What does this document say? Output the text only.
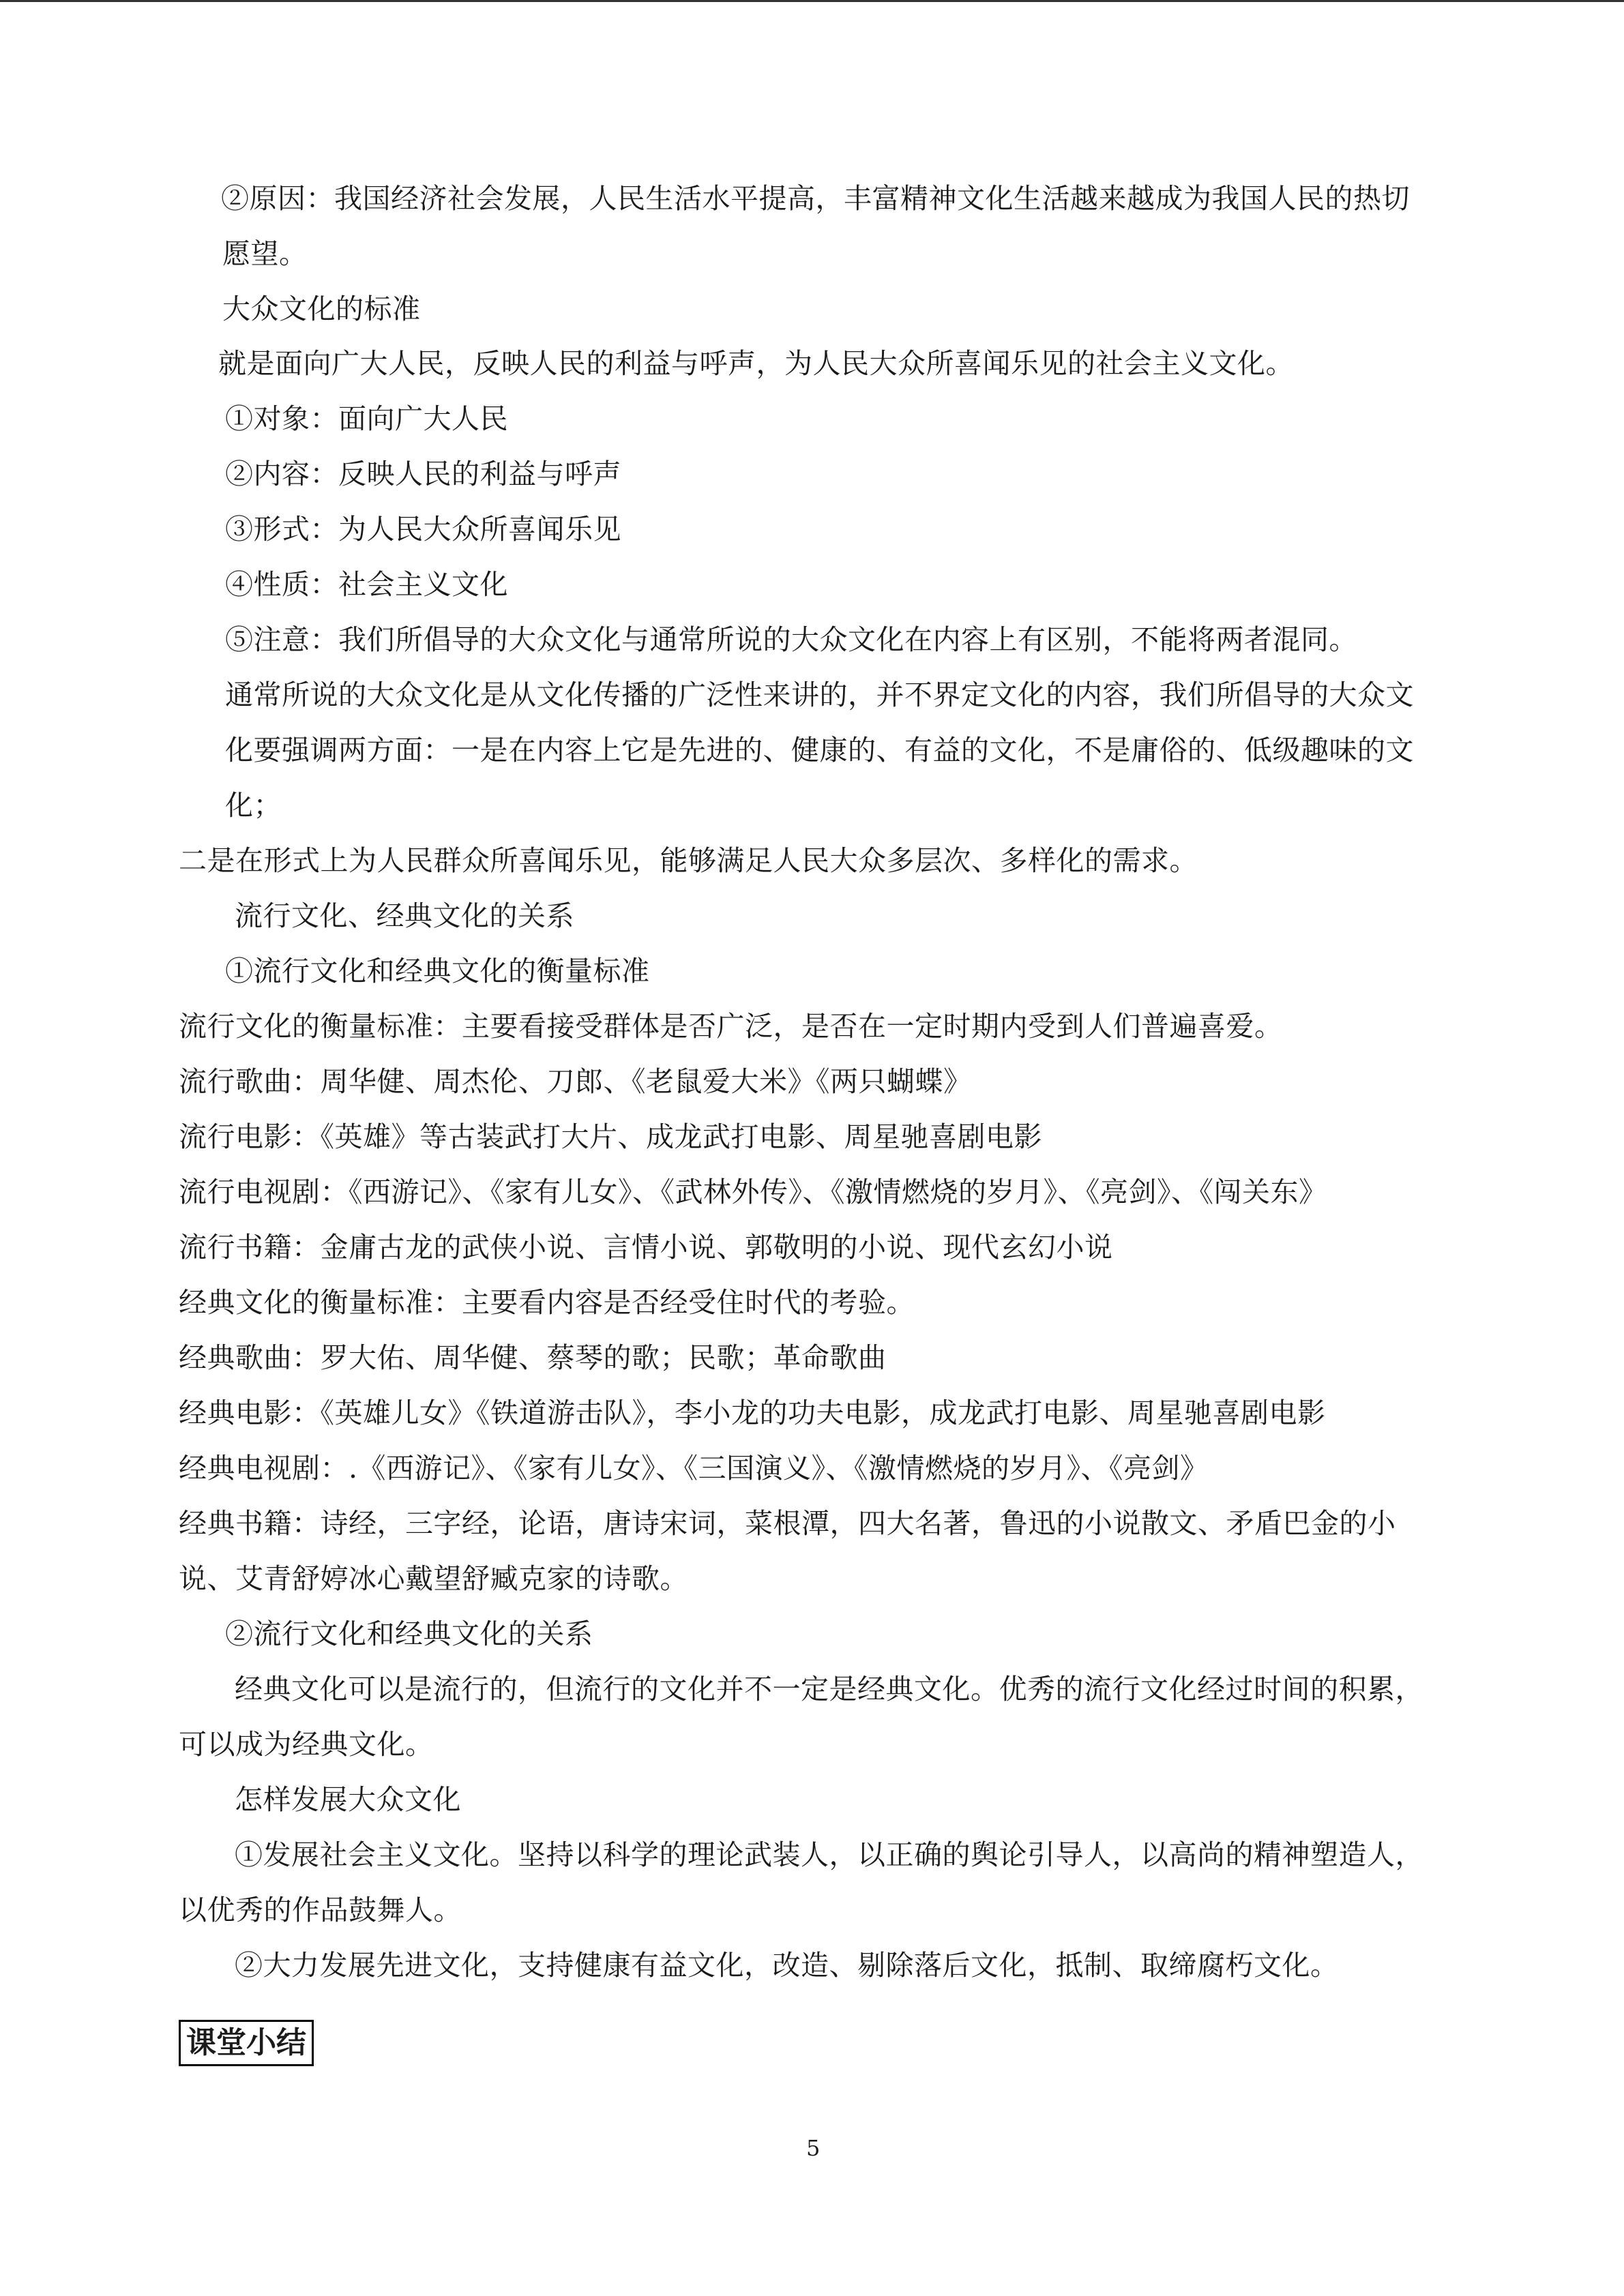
②原因：我国经济社会发展，人民生活水平提高，丰富精神文化生活越来越成为我国人民的热切
愿望。
大众文化的标准
就是面向广大人民，反映人民的利益与呼声，为人民大众所喜闻乐见的社会主义文化。
①对象：面向广大人民
②内容：反映人民的利益与呼声
③形式：为人民大众所喜闻乐见
④性质：社会主义文化
⑤注意：我们所倡导的大众文化与通常所说的大众文化在内容上有区别，不能将两者混同。
通常所说的大众文化是从文化传播的广泛性来讲的，并不界定文化的内容，我们所倡导的大众文
化要强调两方面：一是在内容上它是先进的、健康的、有益的文化，不是庸俗的、低级趣味的文
化；
二是在形式上为人民群众所喜闻乐见，能够满足人民大众多层次、多样化的需求。
流行文化、经典文化的关系
①流行文化和经典文化的衡量标准
流行文化的衡量标准：主要看接受群体是否广泛，是否在一定时期内受到人们普遍喜爱。
流行歌曲：周华健、周杰伦、刀郎、《老鼠爱大米》《两只蝴蝶》
流行电影：《英雄》等古装武打大片、成龙武打电影、周星驰喜剧电影
流行电视剧：《西游记》、《家有儿女》、《武林外传》、《激情燃烧的岁月》、《亮剑》、《闯关东》
流行书籍：金庸古龙的武侠小说、言情小说、郭敬明的小说、现代玄幻小说
经典文化的衡量标准：主要看内容是否经受住时代的考验。
经典歌曲：罗大佑、周华健、蔡琴的歌；民歌；革命歌曲
经典电影：《英雄儿女》《铁道游击队》，李小龙的功夫电影，成龙武打电影、周星驰喜剧电影
经典电视剧：.《西游记》、《家有儿女》、《三国演义》、《激情燃烧的岁月》、《亮剑》
经典书籍：诗经，三字经，论语，唐诗宋词，菜根潭，四大名著，鲁迅的小说散文、矛盾巴金的小
说、艾青舒婷冰心戴望舒臧克家的诗歌。
②流行文化和经典文化的关系
经典文化可以是流行的，但流行的文化并不一定是经典文化。优秀的流行文化经过时间的积累，
可以成为经典文化。
怎样发展大众文化
①发展社会主义文化。坚持以科学的理论武装人，以正确的舆论引导人，以高尚的精神塑造人，
以优秀的作品鼓舞人。
②大力发展先进文化，支持健康有益文化，改造、剔除落后文化，抵制、取缔腐朽文化。
课堂小结
5
